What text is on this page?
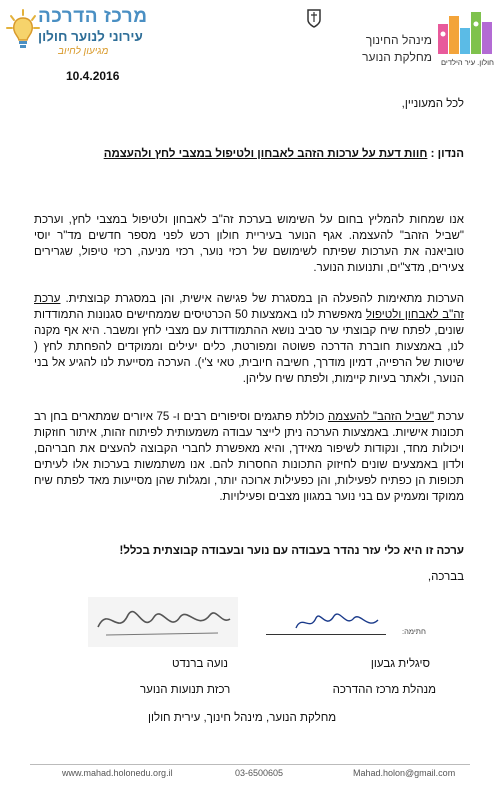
מרכז הדרכה
עירוני לנוער חולון
מגיעון לחיוב
מינהל החינוך
מחלקת הנוער חולון. עיר הילדים
10.4.2016
לכל המעוניין,
הנדון : חוות דעת על ערכות הזהב לאבחון ולטיפול במצבי לחץ ולהעצמה
אנו שמחות להמליץ בחום על השימוש בערכת זה"ב לאבחון ולטיפול במצבי לחץ, וערכת "שביל הזהב" להעצמה. אגף הנוער בעיריית חולון רכש לפני מספר חדשים מד"ר יוסי טוביאנה את הערכות שפיתח לשימושם של רכזי נוער, רכזי מניעה, רכזי טיפול, שגרירים צעירים, מדצ"ים, ותנועות הנוער.
הערכות מתאימות להפעלה הן במסגרת של פגישה אישית, והן במסגרת קבוצתית. ערכת זה"ב לאבחון ולטיפול מאפשרת לנו באמצעות 50 הכרטיסים שממחישים סגנונות התמודדות שונים, לפתח שיח קבוצתי ער סביב נושא ההתמודדות עם מצבי לחץ ומשבר. היא אף מקנה לנו, באמצעות חוברת הדרכה פשוטה ומפורטת, כלים יעילים וממוקדים להפחתת לחץ ( שיטות של הרפייה, דמיון מודרך, חשיבה חיובית, טאי צ'י). הערכה מסייעת לנו להגיע אל בני הנוער, ולאתר בעיות קיימות, ולפתח שיח עליהן.
ערכת "שביל הזהב" להעצמה כוללת פתגמים וסיפורים רבים ו- 75 איורים שמתארים בחן רב תכונות אישיות. באמצעות הערכה ניתן לייצר עבודה משמעותית לפיתוח זהות, איתור חוזקות ויכולות מחד, ונקודות לשיפור מאידך, והיא מאפשרת לחברי הקבוצה להעצים את חבריהם, ולדון באמצעים שונים לחיזוק התכונות החסרות להם. אנו משתמשות בערכות אלו לעיתים תכופות הן כפתיח לפעילות, והן כפעילות ארוכה יותר, ומגלות שהן מסייעות מאד לפתח שיח ממוקד ומעמיק עם בני נוער במגוון מצבים ופעילויות.
ערכה זו היא כלי עזר נהדר בעבודה עם נוער ובעבודה קבוצתית בכלל!
בברכה,
חתימה:
סיגלית גבעון
מנהלת מרכז ההדרכה
נועה ברנדט
רכזת תנועות הנוער
מחלקת הנוער, מינהל חינוך, עירית חולון
www.mahad.holonedu.org.il	03-6500605	Mahad.holon@gmail.com
